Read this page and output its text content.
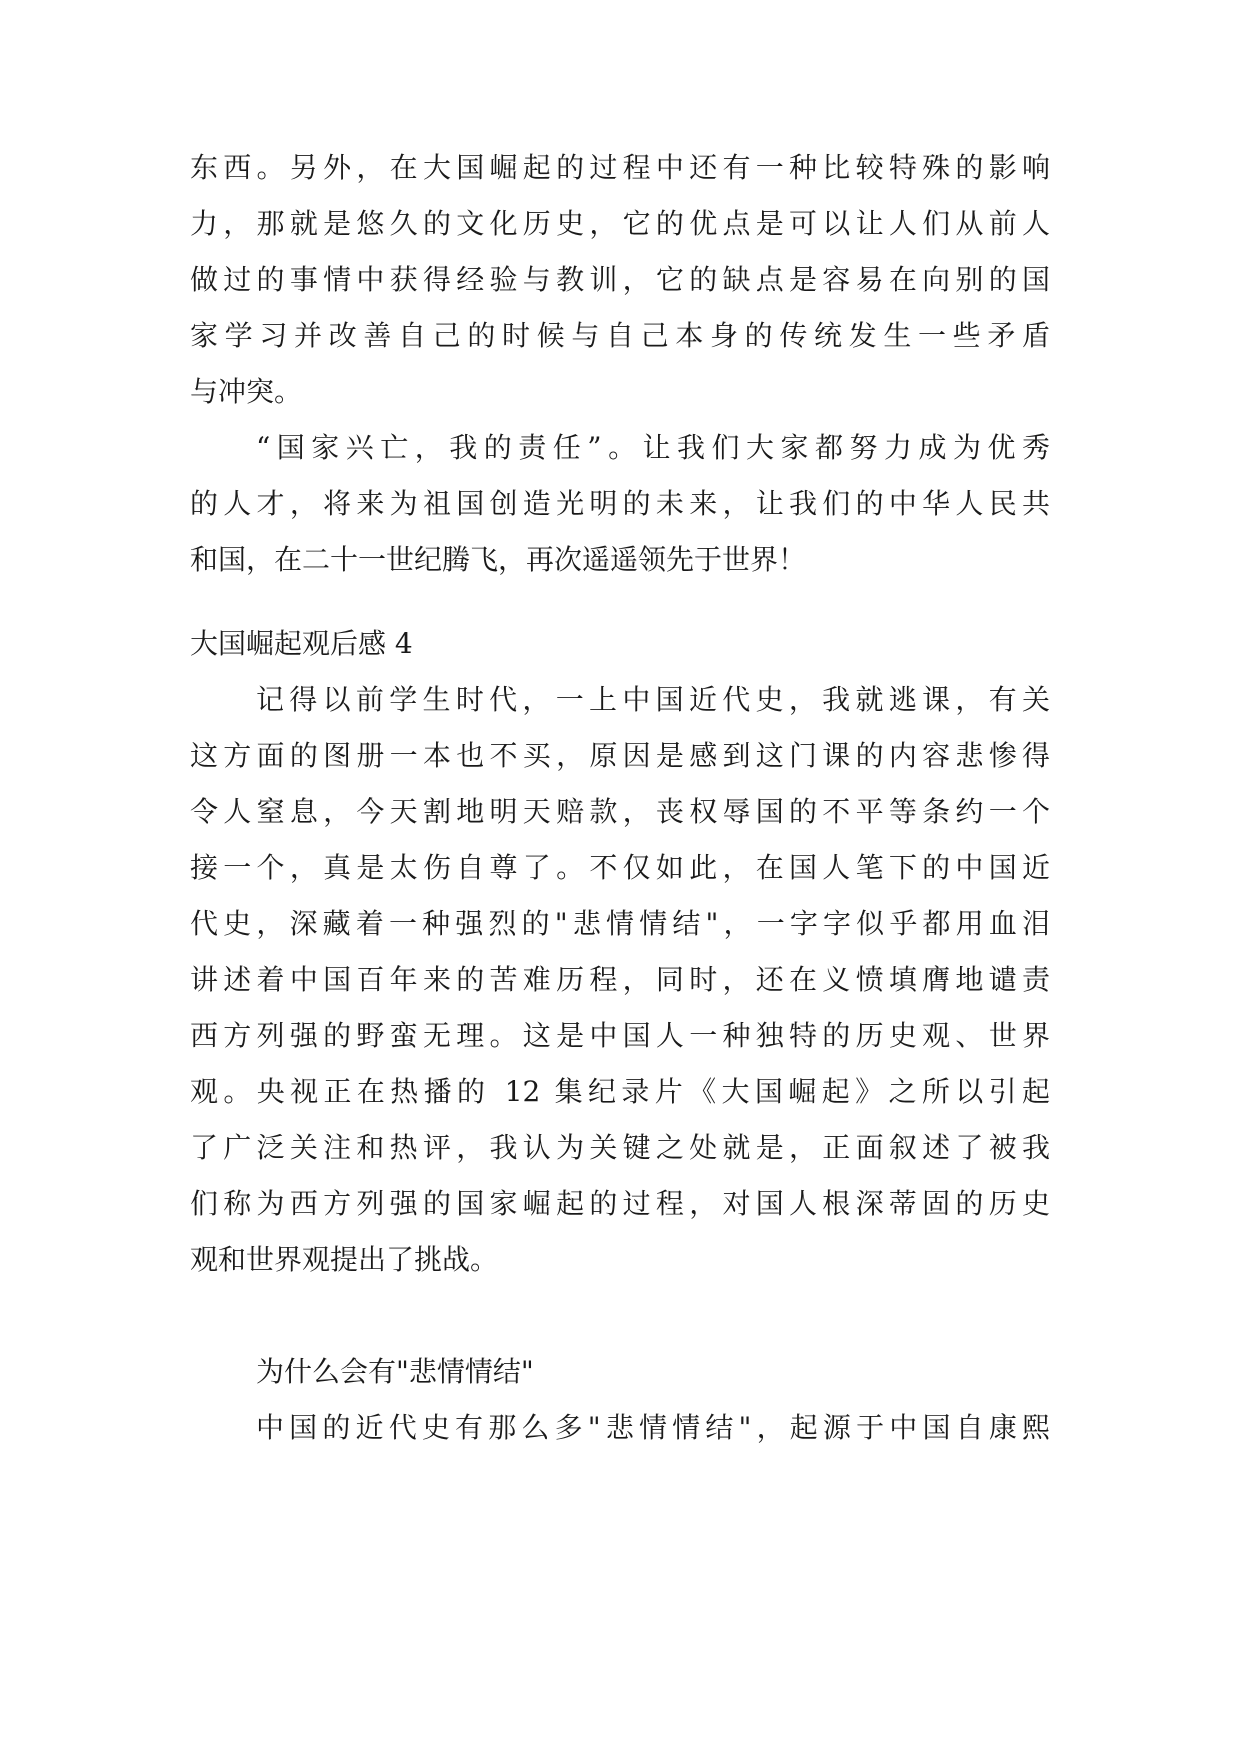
东西。另外，在大国崛起的过程中还有一种比较特殊的影响
力，那就是悠久的文化历史，它的优点是可以让人们从前人
做过的事情中获得经验与教训，它的缺点是容易在向别的国
家学习并改善自己的时候与自己本身的传统发生一些矛盾
与冲突。
“国家兴亡，我的责任”。让我们大家都努力成为优秀
的人才，将来为祖国创造光明的未来，让我们的中华人民共
和国，在二十一世纪腾飞，再次遥遥领先于世界！
大国崛起观后感 4
记得以前学生时代，一上中国近代史，我就逃课，有关
这方面的图册一本也不买，原因是感到这门课的内容悲惨得
令人窒息，今天割地明天赔款，丧权辱国的不平等条约一个
接一个，真是太伤自尊了。不仅如此，在国人笔下的中国近
代史，深藏着一种强烈的"悲情情结"，一字字似乎都用血泪
讲述着中国百年来的苦难历程，同时，还在义愤填膺地谴责
西方列强的野蛮无理。这是中国人一种独特的历史观、世界
观。央视正在热播的 12 集纪录片《大国崛起》之所以引起
了广泛关注和热评，我认为关键之处就是，正面叙述了被我
们称为西方列强的国家崛起的过程，对国人根深蒂固的历史
观和世界观提出了挑战。
为什么会有"悲情情结"
中国的近代史有那么多"悲情情结"，起源于中国自康熙
